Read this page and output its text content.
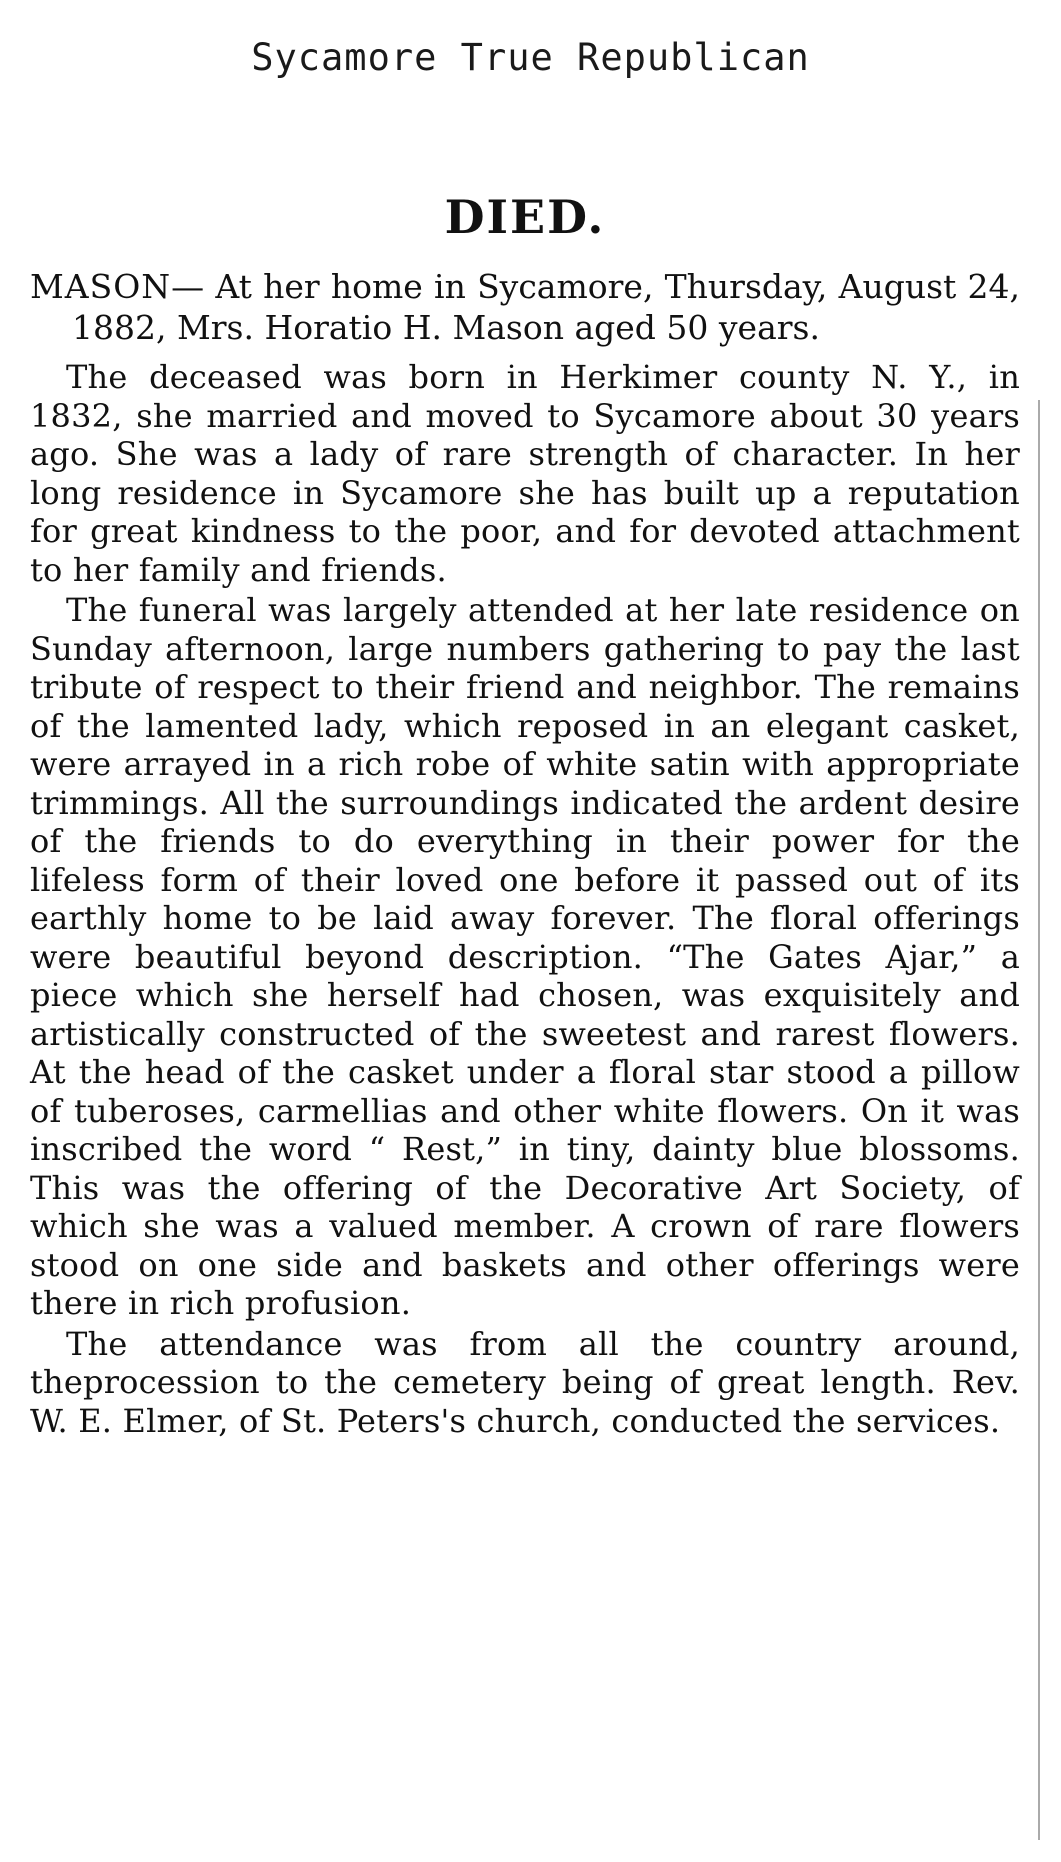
Sycamore True Republican
DIED.

MASON— At her home in Sycamore, Thursday, August 24, 1882, Mrs. Horatio H. Mason aged 50 years.

The deceased was born in Herkimer county N. Y., in 1832, she married and moved to Sycamore about 30 years ago. She was a lady of rare strength of character. In her long residence in Sycamore she has built up a reputation for great kindness to the poor, and for devoted attachment to her family and friends.

The funeral was largely attended at her late residence on Sunday afternoon, large numbers gathering to pay the last tribute of respect to their friend and neighbor. The remains of the lamented lady, which reposed in an elegant casket, were arrayed in a rich robe of white satin with appropriate trimmings. All the surroundings indicated the ardent desire of the friends to do everything in their power for the lifeless form of their loved one before it passed out of its earthly home to be laid away forever. The floral offerings were beautiful beyond description. “The Gates Ajar,” a piece which she herself had chosen, was exquisitely and artistically constructed of the sweetest and rarest flowers. At the head of the casket under a floral star stood a pillow of tuberoses, carmellias and other white flowers. On it was inscribed the word “ Rest,” in tiny, dainty blue blossoms. This was the offering of the Decorative Art Society, of which she was a valued member. A crown of rare flowers stood on one side and baskets and other offerings were there in rich profusion.

The attendance was from all the country around, theprocession to the cemetery being of great length. Rev. W. E. Elmer, of St. Peters's church, conducted the services.
